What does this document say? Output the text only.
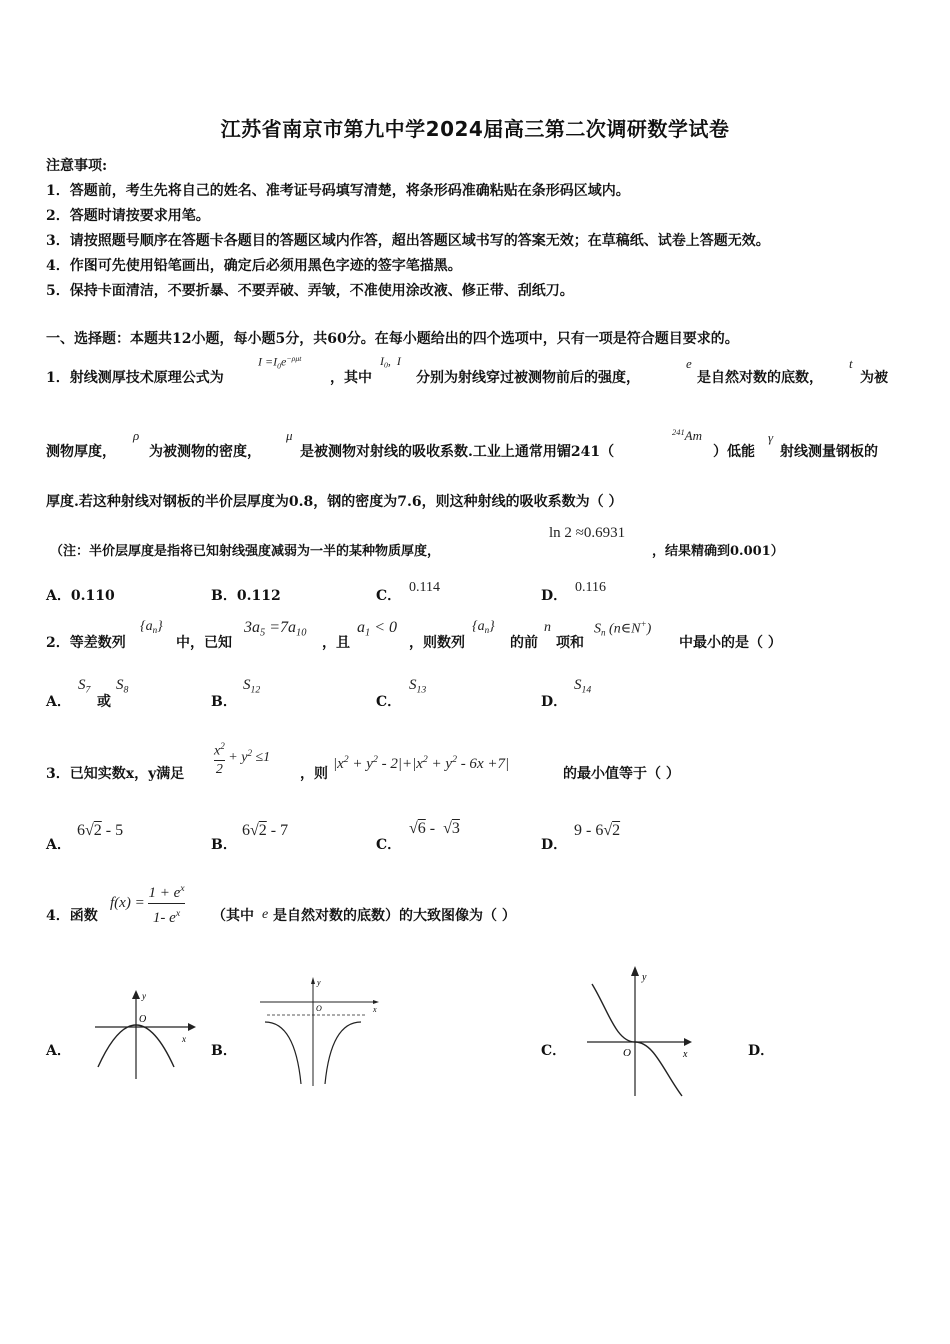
江苏省南京市第九中学2024届高三第二次调研数学试卷
注意事项:
1．答题前，考生先将自己的姓名、准考证号码填写清楚，将条形码准确粘贴在条形码区域内。
2．答题时请按要求用笔。
3．请按照题号顺序在答题卡各题目的答题区域内作答，超出答题区域书写的答案无效；在草稿纸、试卷上答题无效。
4．作图可先使用铅笔画出，确定后必须用黑色字迹的签字笔描黑。
5．保持卡面清洁，不要折暴、不要弄破、弄皱，不准使用涂改液、修正带、刮纸刀。
一、选择题：本题共12小题，每小题5分，共60分。在每小题给出的四个选项中，只有一项是符合题目要求的。
1．射线测厚技术原理公式为
$I =I_0e^{-\rho\mu t}$
，其中
$I_0$,  I
分别为射线穿过被测物前后的强度，
e
是自然对数的底数，
t
为被
测物厚度，
ρ
为被测物的密度，
μ
是被测物对射线的吸收系数.工业上通常用镅241（
$^{241}$Am
）低能
γ
射线测量钢板的
厚度.若这种射线对钢板的半价层厚度为0.8，钢的密度为7.6，则这种射线的吸收系数为（ ）
（注：半价层厚度是指将已知射线强度减弱为一半的某种物质厚度，
ln 2 ≈0.6931
，结果精确到0.001）
A．0.110	B．0.112	C．
0.114
D．
0.116
2．等差数列
$\{a_n\}$
中，已知
$3a_5 =7a_{10}$
，且
$a_1 < 0$
，则数列
$\{a_n\}$
的前
n
项和
$S_n$ (n∈N+)
中最小的是（ ）
A．
$S_7$
或
$S_8$
B．
$S_{12}$
C．
$S_{13}$
D．
$S_{14}$
3．已知实数x，y满足 $\frac{x^2}{2} + y^2 \le 1$
，则
$|x^2 + y^2 - 2|+|x^2 + y^2 - 6x +7|$
的最小值等于（ ）
A．
6√2 - 5
B．
6√2 - 7
C．
√6 -  √3
D．
9 - 6√2
4．函数
$f(x) = \frac{1 + e^x}{1- e^x}$ （其中 e 是自然对数的底数）的大致图像为（ ）
A．	B．	C．	D．
y
O
x
y
O	x
y
O	x
